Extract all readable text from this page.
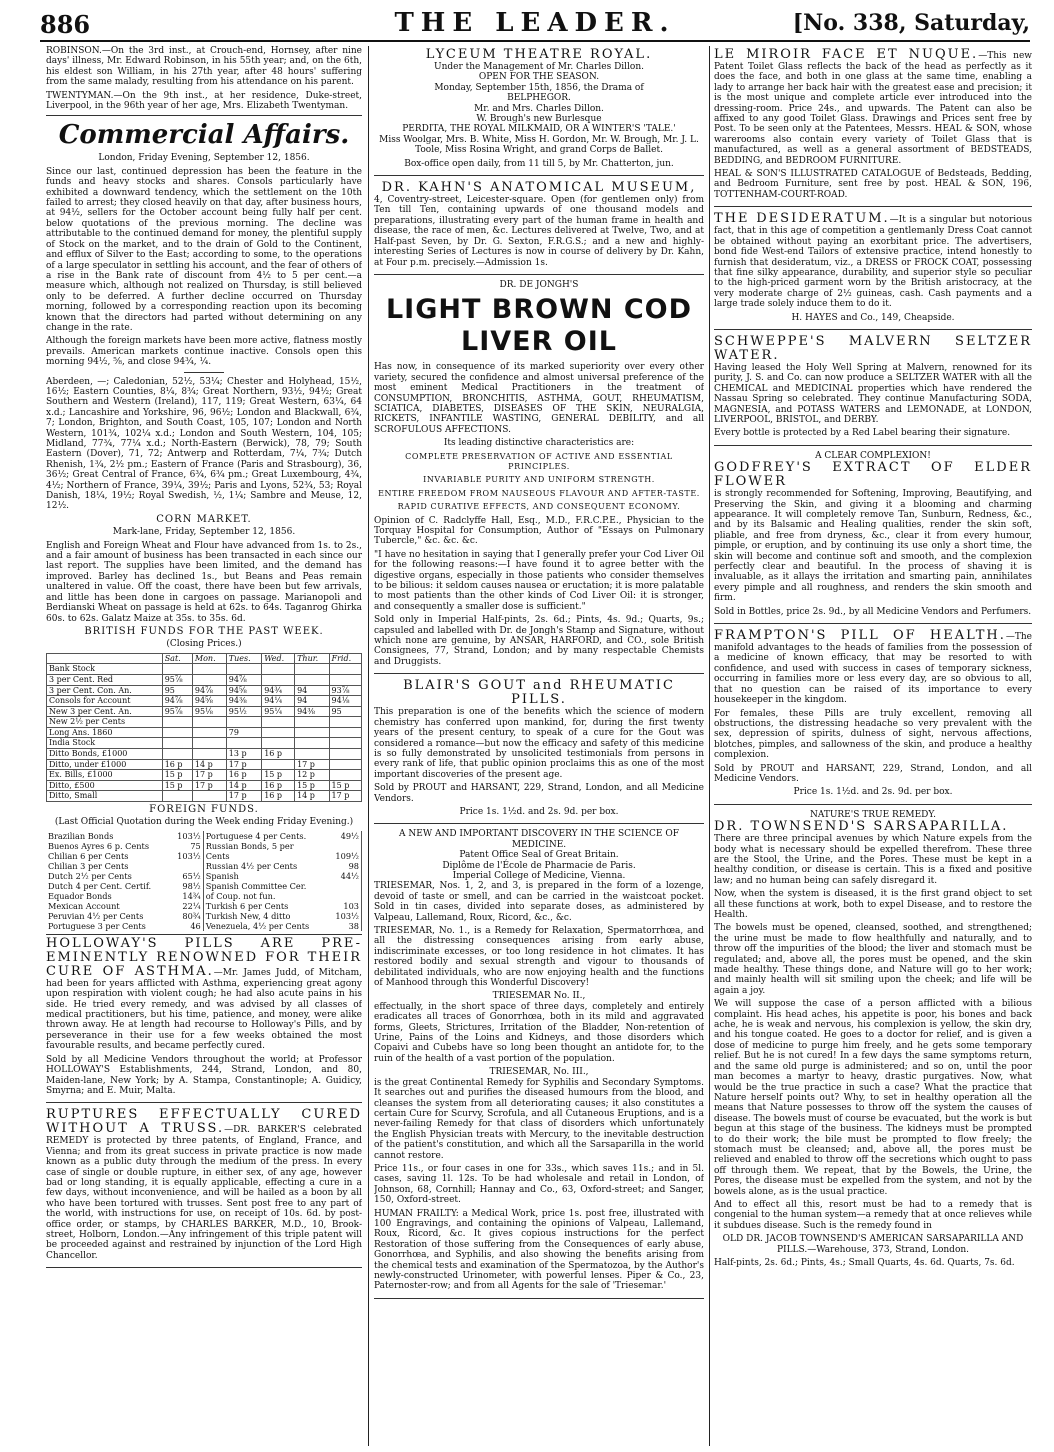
886	THE LEADER.	[No. 338, Saturday,

ROBINSON.—On the 3rd inst., at Crouch-end, Hornsey, after nine days' illness, Mr. Edward Robinson, in his 55th year; and, on the 6th, his eldest son William, in his 27th year, after 48 hours' suffering from the same malady, resulting from his attendance on his parent.

TWENTYMAN.—On the 9th inst., at her residence, Duke-street, Liverpool, in the 96th year of her age, Mrs. Elizabeth Twentyman.

Commercial Affairs.

London, Friday Evening, September 12, 1856.

Since our last, continued depression has been the feature in the funds and heavy stocks and shares. Consols particularly have exhibited a downward tendency, which the settlement on the 10th failed to arrest; they closed heavily on that day, after business hours, at 94½, sellers for the October account being fully half per cent. below quotations of the previous morning. The decline was attributable to the continued demand for money, the plentiful supply of Stock on the market, and to the drain of Gold to the Continent, and efflux of Silver to the East; according to some, to the operations of a large speculator in settling his account, and the fear of others of a rise in the Bank rate of discount from 4½ to 5 per cent.—a measure which, although not realized on Thursday, is still believed only to be deferred. A further decline occurred on Thursday morning, followed by a corresponding reaction upon its becoming known that the directors had parted without determining on any change in the rate.

Although the foreign markets have been more active, flatness mostly prevails. American markets continue inactive. Consols open this morning 94½, ⅝, and close 94¾, ¼.

Aberdeen, —; Caledonian, 52½, 53¼; Chester and Holyhead, 15½, 16½; Eastern Counties, 8¼, 8¾; Great Northern, 93½, 94½; Great Southern and Western (Ireland), 117, 119; Great Western, 63¼, 64 x.d.; Lancashire and Yorkshire, 96, 96½; London and Blackwall, 6¾, 7; London, Brighton, and South Coast, 105, 107; London and North Western, 101¾, 102¼ x.d.; London and South Western, 104, 105; Midland, 77¾, 77¼ x.d.; North-Eastern (Berwick), 78, 79; South Eastern (Dover), 71, 72; Antwerp and Rotterdam, 7¼, 7¾; Dutch Rhenish, 1¾, 2½ pm.; Eastern of France (Paris and Strasbourg), 36, 36½; Great Central of France, 6¾, 6¾ pm.; Great Luxembourg, 4¾, 4½; Northern of France, 39¼, 39½; Paris and Lyons, 52¾, 53; Royal Danish, 18¼, 19½; Royal Swedish, ½, 1¼; Sambre and Meuse, 12, 12½.

CORN MARKET.

Mark-lane, Friday, September 12, 1856.

English and Foreign Wheat and Flour have advanced from 1s. to 2s., and a fair amount of business has been transacted in each since our last report. The supplies have been limited, and the demand has improved. Barley has declined 1s., but Beans and Peas remain unaltered in value. Off the coast, there have been but few arrivals, and little has been done in cargoes on passage. Marianopoli and Berdianski Wheat on passage is held at 62s. to 64s. Taganrog Ghirka 60s. to 62s. Galatz Maize at 35s. to 35s. 6d.

BRITISH FUNDS FOR THE PAST WEEK.

(Closing Prices.)

	Sat.	Mon.	Tues.	Wed.	Thur.	Frid.
Bank Stock						
3 per Cent. Red	95⅞		94⅞			
3 per Cent. Con. An.	95	94⅞	94⅝	94¾	94	93⅞
Consols for Account	94⅞	94⅝	94⅜	94¼	94	94⅛
New 3 per Cent. An.	95⅞	95⅛	95½	95¼	94⅜	95
New 2½ per Cents						
Long Ans. 1860			79			
India Stock						
Ditto Bonds, £1000			13 p	16 p		
Ditto, under £1000	16 p	14 p	17 p		17 p	
Ex. Bills, £1000	15 p	17 p	16 p	15 p	12 p	
Ditto, £500	15 p	17 p	14 p	16 p	15 p	15 p
Ditto, Small			17 p	16 p	14 p	17 p
FOREIGN FUNDS.

(Last Official Quotation during the Week ending Friday Evening.)

Brazilian Bonds	103½	Portuguese 4 per Cents.	49½
Buenos Ayres 6 p. Cents	75	Russian Bonds, 5 per	
Chilian 6 per Cents	103½	Cents	109½
Chilian 3 per Cents		Russian 4½ per Cents	98
Dutch 2½ per Cents	65½	Spanish	44½
Dutch 4 per Cent. Certif.	98½	Spanish Committee Cer.	
Equador Bonds	14¾	of Coup. not fun.	
Mexican Account	22¼	Turkish 6 per Cents	103
Peruvian 4½ per Cents	80¾	Turkish New, 4 ditto	103½
Portuguese 3 per Cents	46	Venezuela, 4½ per Cents	38

HOLLOWAY'S PILLS ARE PRE-EMINENTLY RENOWNED FOR THEIR CURE OF ASTHMA.—Mr. James Judd, of Mitcham, had been for years afflicted with Asthma, experiencing great agony upon respiration with violent cough; he had also acute pains in his side. He tried every remedy, and was advised by all classes of medical practitioners, but his time, patience, and money, were alike thrown away. He at length had recourse to Holloway's Pills, and by perseverance in their use for a few weeks obtained the most favourable results, and became perfectly cured.

Sold by all Medicine Vendors throughout the world; at Professor HOLLOWAY'S Establishments, 244, Strand, London, and 80, Maiden-lane, New York; by A. Stampa, Constantinople; A. Guidicy, Smyrna; and E. Muir, Malta.

RUPTURES EFFECTUALLY CURED WITHOUT A TRUSS.—DR. BARKER'S celebrated REMEDY is protected by three patents, of England, France, and Vienna; and from its great success in private practice is now made known as a public duty through the medium of the press. In every case of single or double rupture, in either sex, of any age, however bad or long standing, it is equally applicable, effecting a cure in a few days, without inconvenience, and will be hailed as a boon by all who have been tortured with trusses. Sent post free to any part of the world, with instructions for use, on receipt of 10s. 6d. by post-office order, or stamps, by CHARLES BARKER, M.D., 10, Brook-street, Holborn, London.—Any infringement of this triple patent will be proceeded against and restrained by injunction of the Lord High Chancellor.

LYCEUM THEATRE ROYAL.
Under the Management of Mr. Charles Dillon.
OPEN FOR THE SEASON.
Monday, September 15th, 1856, the Drama of
BELPHEGOR.
Mr. and Mrs. Charles Dillon.
W. Brough's new Burlesque
PERDITA, THE ROYAL MILKMAID, OR A WINTER'S 'TALE.'

Miss Woolgar, Mrs. B. White, Miss H. Gordon, Mr. W. Brough, Mr. J. L. Toole, Miss Rosina Wright, and grand Corps de Ballet.

Box-office open daily, from 11 till 5, by Mr. Chatterton, jun.

DR. KAHN'S ANATOMICAL MUSEUM,

4, Coventry-street, Leicester-square. Open (for gentlemen only) from Ten till Ten, containing upwards of one thousand models and preparations, illustrating every part of the human frame in health and disease, the race of men, &c. Lectures delivered at Twelve, Two, and at Half-past Seven, by Dr. G. Sexton, F.R.G.S.; and a new and highly-interesting Series of Lectures is now in course of delivery by Dr. Kahn, at Four p.m. precisely.—Admission 1s.

DR. DE JONGH'S
LIGHT BROWN COD LIVER OIL

Has now, in consequence of its marked superiority over every other variety, secured the confidence and almost universal preference of the most eminent Medical Practitioners in the treatment of CONSUMPTION, BRONCHITIS, ASTHMA, GOUT, RHEUMATISM, SCIATICA, DIABETES, DISEASES OF THE SKIN, NEURALGIA, RICKETS, INFANTILE WASTING, GENERAL DEBILITY, and all SCROFULOUS AFFECTIONS.

Its leading distinctive characteristics are:

COMPLETE PRESERVATION OF ACTIVE AND ESSENTIAL PRINCIPLES.

INVARIABLE PURITY AND UNIFORM STRENGTH.

ENTIRE FREEDOM FROM NAUSEOUS FLAVOUR AND AFTER-TASTE.

RAPID CURATIVE EFFECTS, AND CONSEQUENT ECONOMY.

Opinion of C. Radclyffe Hall, Esq., M.D., F.R.C.P.E., Physician to the Torquay Hospital for Consumption, Author of "Essays on Pulmonary Tubercle," &c. &c. &c.

"I have no hesitation in saying that I generally prefer your Cod Liver Oil for the following reasons:—I have found it to agree better with the digestive organs, especially in those patients who consider themselves to be bilious: it seldom causes nausea or eructation; it is more palatable to most patients than the other kinds of Cod Liver Oil: it is stronger, and consequently a smaller dose is sufficient."

Sold only in Imperial Half-pints, 2s. 6d.; Pints, 4s. 9d.; Quarts, 9s.; capsuled and labelled with Dr. de Jongh's Stamp and Signature, without which none are genuine, by ANSAR, HARFORD, and CO., sole British Consignees, 77, Strand, London; and by many respectable Chemists and Druggists.

BLAIR'S GOUT and RHEUMATIC PILLS.

This preparation is one of the benefits which the science of modern chemistry has conferred upon mankind, for, during the first twenty years of the present century, to speak of a cure for the Gout was considered a romance—but now the efficacy and safety of this medicine is so fully demonstrated by unsolicited testimonials from persons in every rank of life, that public opinion proclaims this as one of the most important discoveries of the present age.

Sold by PROUT and HARSANT, 229, Strand, London, and all Medicine Vendors.

Price 1s. 1½d. and 2s. 9d. per box.

A NEW AND IMPORTANT DISCOVERY IN THE SCIENCE OF MEDICINE.
Patent Office Seal of Great Britain.
Diplôme de l'École de Pharmacie de Paris.
Imperial College of Medicine, Vienna.

TRIESEMAR, Nos. 1, 2, and 3, is prepared in the form of a lozenge, devoid of taste or smell, and can be carried in the waistcoat pocket. Sold in tin cases, divided into separate doses, as administered by Valpeau, Lallemand, Roux, Ricord, &c., &c.

TRIESEMAR, No. 1., is a Remedy for Relaxation, Spermatorrhœa, and all the distressing consequences arising from early abuse, indiscriminate excesses, or too long residence in hot climates. It has restored bodily and sexual strength and vigour to thousands of debilitated individuals, who are now enjoying health and the functions of Manhood through this Wonderful Discovery!

TRIESEMAR No. II.,

effectually, in the short space of three days, completely and entirely eradicates all traces of Gonorrhœa, both in its mild and aggravated forms, Gleets, Strictures, Irritation of the Bladder, Non-retention of Urine, Pains of the Loins and Kidneys, and those disorders which Copaivi and Cubebs have so long been thought an antidote for, to the ruin of the health of a vast portion of the population.

TRIESEMAR, No. III.,

is the great Continental Remedy for Syphilis and Secondary Symptoms. It searches out and purifies the diseased humours from the blood, and cleanses the system from all deteriorating causes; it also constitutes a certain Cure for Scurvy, Scrofula, and all Cutaneous Eruptions, and is a never-failing Remedy for that class of disorders which unfortunately the English Physician treats with Mercury, to the inevitable destruction of the patient's constitution, and which all the Sarsaparilla in the world cannot restore.

Price 11s., or four cases in one for 33s., which saves 11s.; and in 5l. cases, saving 1l. 12s. To be had wholesale and retail in London, of Johnson, 68, Cornhill; Hannay and Co., 63, Oxford-street; and Sanger, 150, Oxford-street.

HUMAN FRAILTY: a Medical Work, price 1s. post free, illustrated with 100 Engravings, and containing the opinions of Valpeau, Lallemand, Roux, Ricord, &c. It gives copious instructions for the perfect Restoration of those suffering from the Consequences of early abuse, Gonorrhœa, and Syphilis, and also showing the benefits arising from the chemical tests and examination of the Spermatozoa, by the Author's newly-constructed Urinometer, with powerful lenses. Piper & Co., 23, Paternoster-row; and from all Agents for the sale of 'Triesemar.'

LE MIROIR FACE ET NUQUE.—This new Patent Toilet Glass reflects the back of the head as perfectly as it does the face, and both in one glass at the same time, enabling a lady to arrange her back hair with the greatest ease and precision; it is the most unique and complete article ever introduced into the dressing-room. Price 24s., and upwards. The Patent can also be affixed to any good Toilet Glass. Drawings and Prices sent free by Post. To be seen only at the Patentees, Messrs. HEAL & SON, whose warerooms also contain every variety of Toilet Glass that is manufactured, as well as a general assortment of BEDSTEADS, BEDDING, and BEDROOM FURNITURE.

HEAL & SON'S ILLUSTRATED CATALOGUE of Bedsteads, Bedding, and Bedroom Furniture, sent free by post. HEAL & SON, 196, TOTTENHAM-COURT-ROAD.

THE DESIDERATUM.—It is a singular but notorious fact, that in this age of competition a gentlemanly Dress Coat cannot be obtained without paying an exorbitant price. The advertisers, bond fide West-end Tailors of extensive practice, intend honestly to furnish that desideratum, viz., a DRESS or FROCK COAT, possessing that fine silky appearance, durability, and superior style so peculiar to the high-priced garment worn by the British aristocracy, at the very moderate charge of 2½ guineas, cash. Cash payments and a large trade solely induce them to do it.

H. HAYES and Co., 149, Cheapside.

SCHWEPPE'S MALVERN SELTZER WATER.

Having leased the Holy Well Spring at Malvern, renowned for its purity, J. S. and Co. can now produce a SELTZER WATER with all the CHEMICAL and MEDICINAL properties which have rendered the Nassau Spring so celebrated. They continue Manufacturing SODA, MAGNESIA, and POTASS WATERS and LEMONADE, at LONDON, LIVERPOOL, BRISTOL, and DERBY.

Every bottle is protected by a Red Label bearing their signature.

A CLEAR COMPLEXION!
GODFREY'S EXTRACT OF ELDER FLOWER

is strongly recommended for Softening, Improving, Beautifying, and Preserving the Skin, and giving it a blooming and charming appearance. It will completely remove Tan, Sunburn, Redness, &c., and by its Balsamic and Healing qualities, render the skin soft, pliable, and free from dryness, &c., clear it from every humour, pimple, or eruption, and by continuing its use only a short time, the skin will become and continue soft and smooth, and the complexion perfectly clear and beautiful. In the process of shaving it is invaluable, as it allays the irritation and smarting pain, annihilates every pimple and all roughness, and renders the skin smooth and firm.

Sold in Bottles, price 2s. 9d., by all Medicine Vendors and Perfumers.

FRAMPTON'S PILL OF HEALTH.—The manifold advantages to the heads of families from the possession of a medicine of known efficacy, that may be resorted to with confidence, and used with success in cases of temporary sickness, occurring in families more or less every day, are so obvious to all, that no question can be raised of its importance to every housekeeper in the kingdom.

For females, these Pills are truly excellent, removing all obstructions, the distressing headache so very prevalent with the sex, depression of spirits, dulness of sight, nervous affections, blotches, pimples, and sallowness of the skin, and produce a healthy complexion.

Sold by PROUT and HARSANT, 229, Strand, London, and all Medicine Vendors.

Price 1s. 1½d. and 2s. 9d. per box.

NATURE'S TRUE REMEDY.
DR. TOWNSEND'S SARSAPARILLA.

There are three principal avenues by which Nature expels from the body what is necessary should be expelled therefrom. These three are the Stool, the Urine, and the Pores. These must be kept in a healthy condition, or disease is certain. This is a fixed and positive law; and no human being can safely disregard it.

Now, when the system is diseased, it is the first grand object to set all these functions at work, both to expel Disease, and to restore the Health.

The bowels must be opened, cleansed, soothed, and strengthened; the urine must be made to flow healthfully and naturally, and to throw off the impurities of the blood; the liver and stomach must be regulated; and, above all, the pores must be opened, and the skin made healthy. These things done, and Nature will go to her work; and mainly health will sit smiling upon the cheek; and life will be again a joy.

We will suppose the case of a person afflicted with a bilious complaint. His head aches, his appetite is poor, his bones and back ache, he is weak and nervous, his complexion is yellow, the skin dry, and his tongue coated. He goes to a doctor for relief, and is given a dose of medicine to purge him freely, and he gets some temporary relief. But he is not cured! In a few days the same symptoms return, and the same old purge is administered; and so on, until the poor man becomes a martyr to heavy, drastic purgatives. Now, what would be the true practice in such a case? What the practice that Nature herself points out? Why, to set in healthy operation all the means that Nature possesses to throw off the system the causes of disease. The bowels must of course be evacuated, but the work is but begun at this stage of the business. The kidneys must be prompted to do their work; the bile must be prompted to flow freely; the stomach must be cleansed; and, above all, the pores must be relieved and enabled to throw off the secretions which ought to pass off through them. We repeat, that by the Bowels, the Urine, the Pores, the disease must be expelled from the system, and not by the bowels alone, as is the usual practice.

And to effect all this, resort must be had to a remedy that is congenial to the human system—a remedy that at once relieves while it subdues disease. Such is the remedy found in

OLD DR. JACOB TOWNSEND'S AMERICAN SARSAPARILLA AND PILLS.—Warehouse, 373, Strand, London.

Half-pints, 2s. 6d.; Pints, 4s.; Small Quarts, 4s. 6d. Quarts, 7s. 6d.
